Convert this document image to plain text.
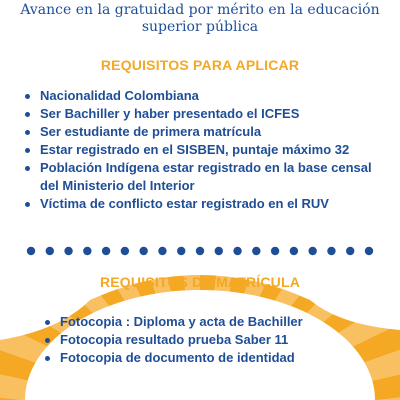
Avance en la gratuidad por mérito en la educación
superior pública
REQUISITOS PARA APLICAR
Nacionalidad Colombiana
Ser Bachiller y haber presentado el ICFES
Ser estudiante de primera matrícula
Estar registrado en el SISBEN, puntaje máximo 32
Población Indígena estar registrado en la base censal del Ministerio del Interior
Víctima de conflicto estar registrado en el RUV
REQUISITOS DE MATRÍCULA
Fotocopia : Diploma y acta de Bachiller
Fotocopia resultado prueba Saber 11
Fotocopia de documento de identidad
